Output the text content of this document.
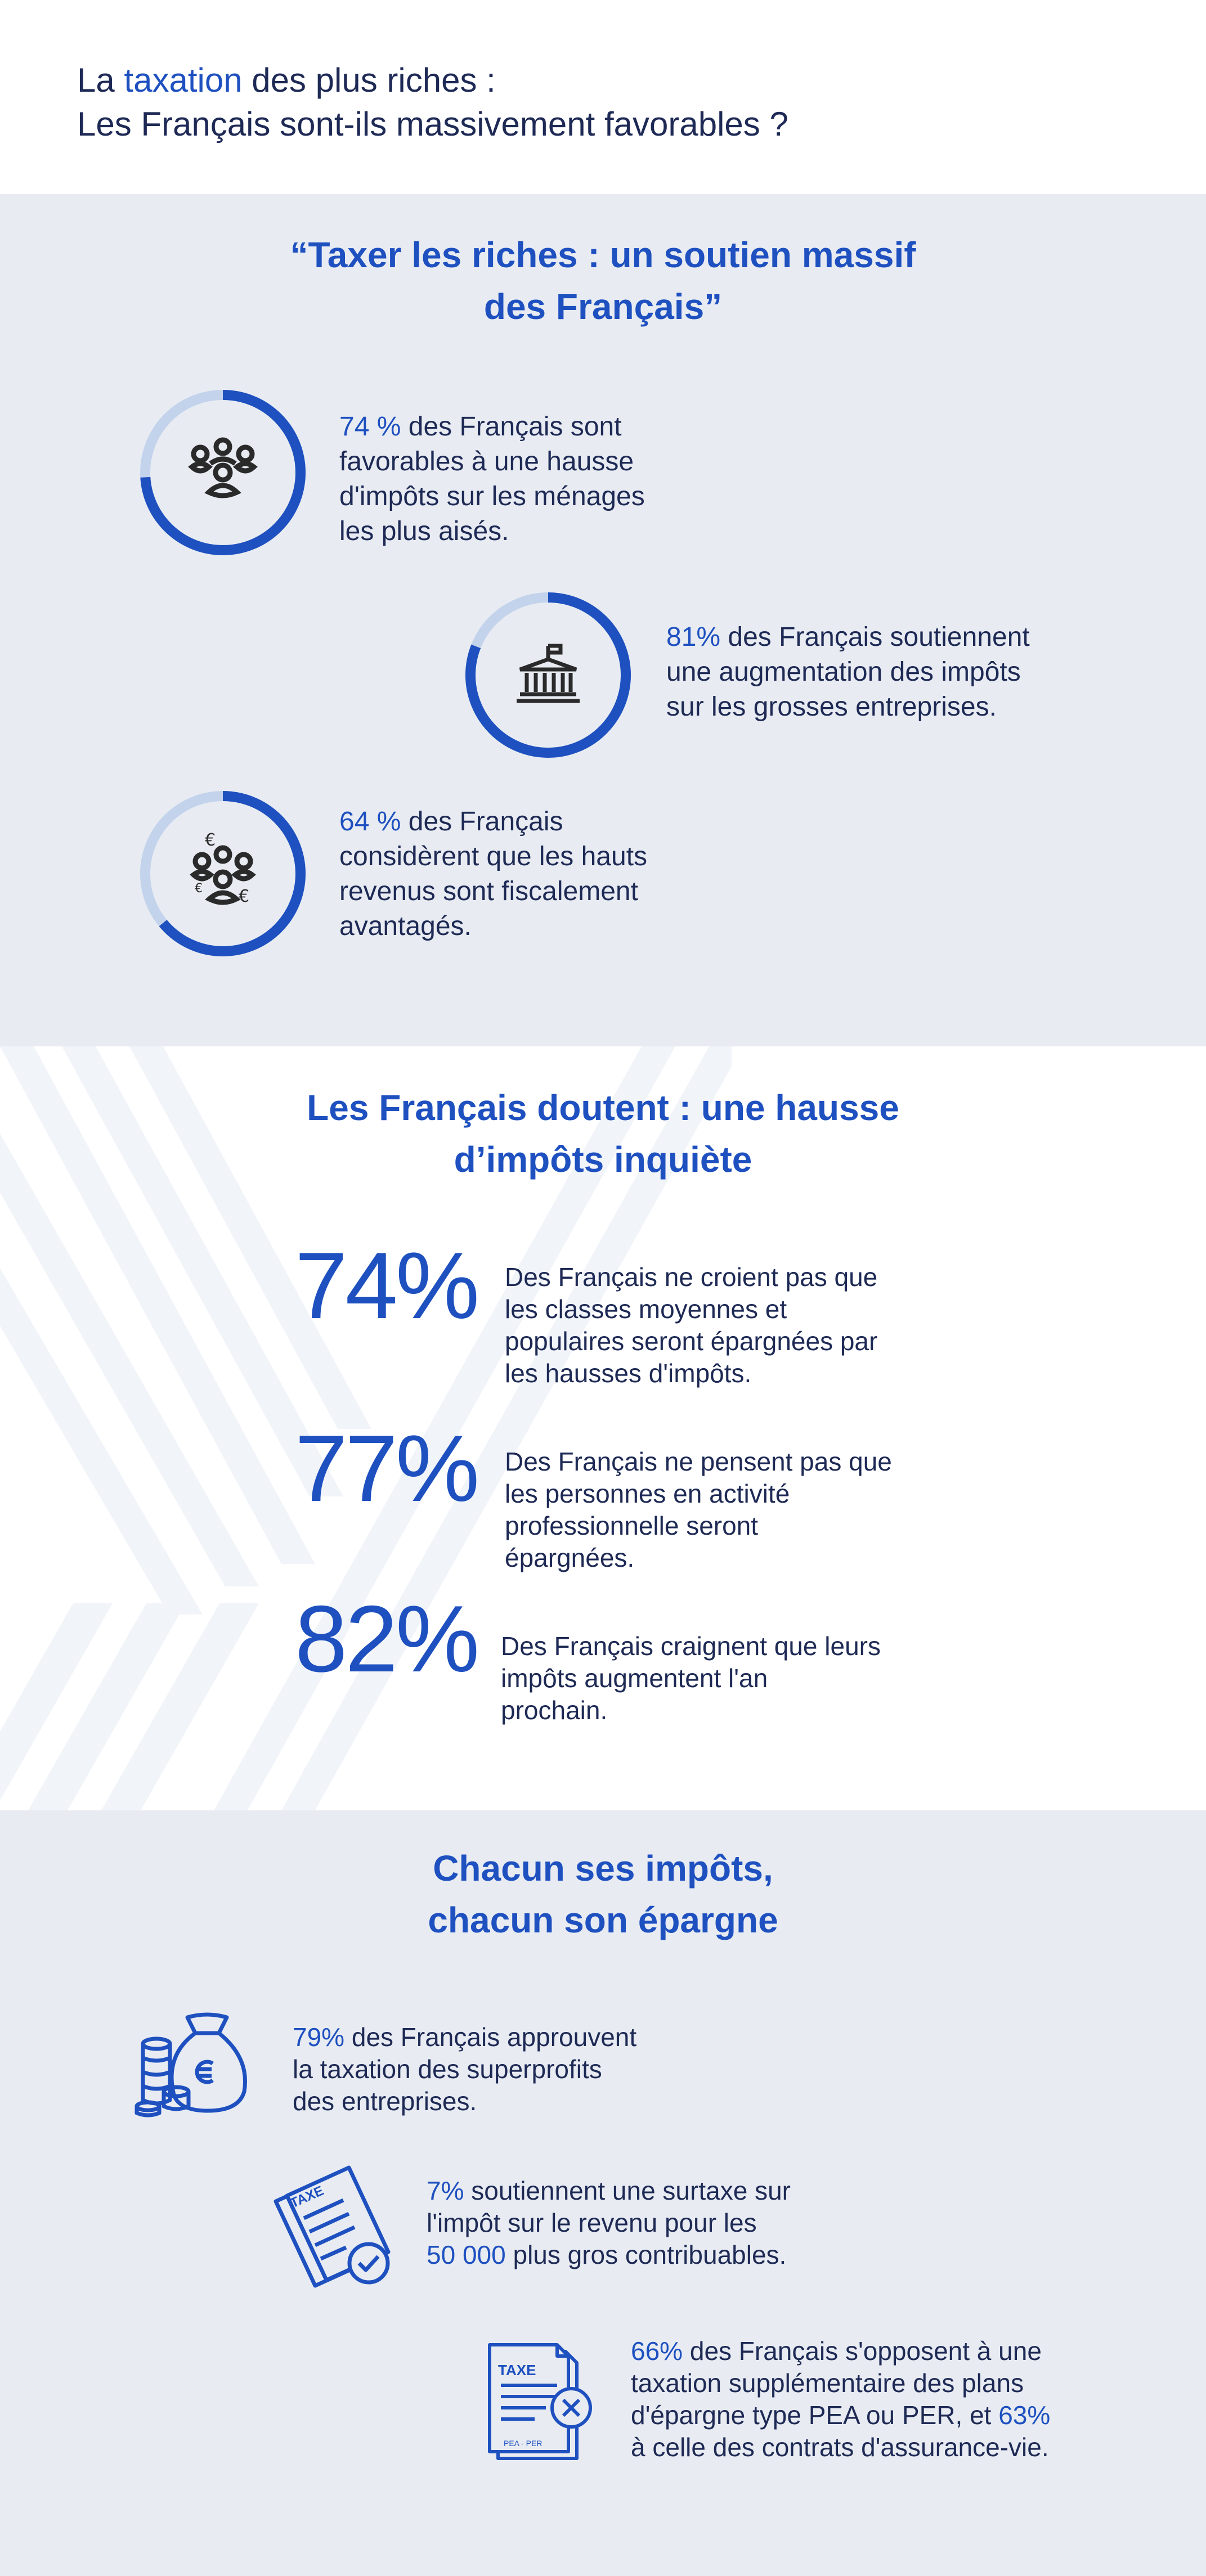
La taxation des plus riches :
Les Français sont-ils massivement favorables ?
“Taxer les riches : un soutien massif
des Français”
74 % des Français sont
favorables à une hausse
d'impôts sur les ménages
les plus aisés.
81% des Français soutiennent
une augmentation des impôts
sur les grosses entreprises.
€
€ €
64 % des Français
considèrent que les hauts
revenus sont fiscalement
avantagés.
Les Français doutent : une hausse
d’impôts inquiète
74% Des Français ne croient pas que
les classes moyennes et
populaires seront épargnées par
les hausses d'impôts.
77% Des Français ne pensent pas que
les personnes en activité
professionnelle seront
épargnées.
82% Des Français craignent que leurs
impôts augmentent l'an
prochain.
Chacun ses impôts,
chacun son épargne
79% des Français approuvent
la taxation des superprofits
des entreprises.
TAXE	7% soutiennent une surtaxe sur
l'impôt sur le revenu pour les
50 000 plus gros contribuables.
TAXE
PEA - PER
66% des Français s'opposent à une
taxation supplémentaire des plans
d'épargne type PEA ou PER, et 63%
à celle des contrats d'assurance-vie.
